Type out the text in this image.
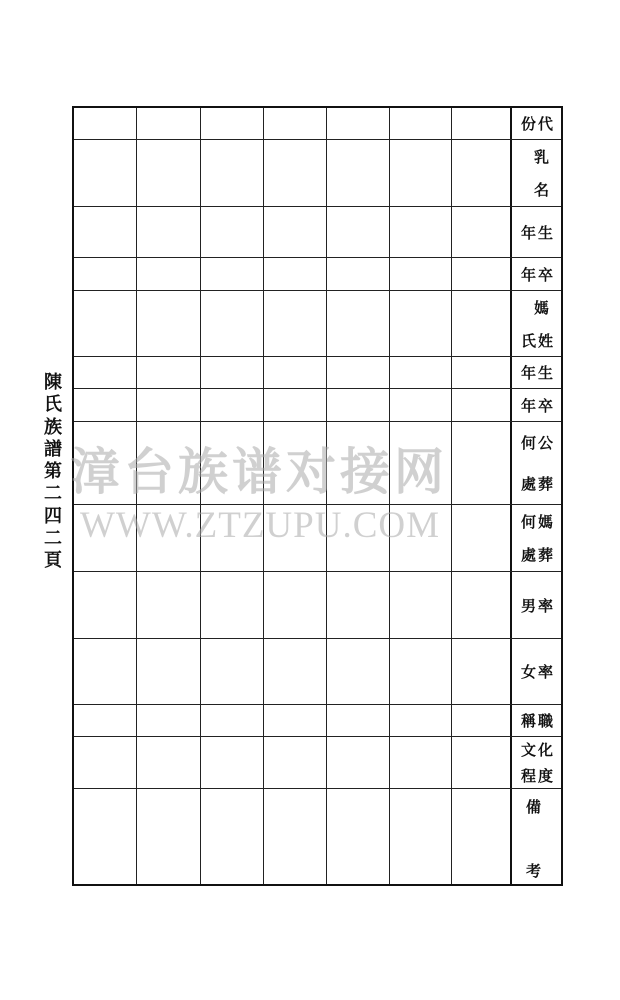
陳
氏
族
譜
第
二
四
二
頁
份代
乳
名
年生
年卒
媽
氏姓
年生
年卒
何公
處葬
何媽
處葬
男率
女率
稱職
文化
程度
備
考
漳台族谱对接网
WWW.ZTZUPU.COM
